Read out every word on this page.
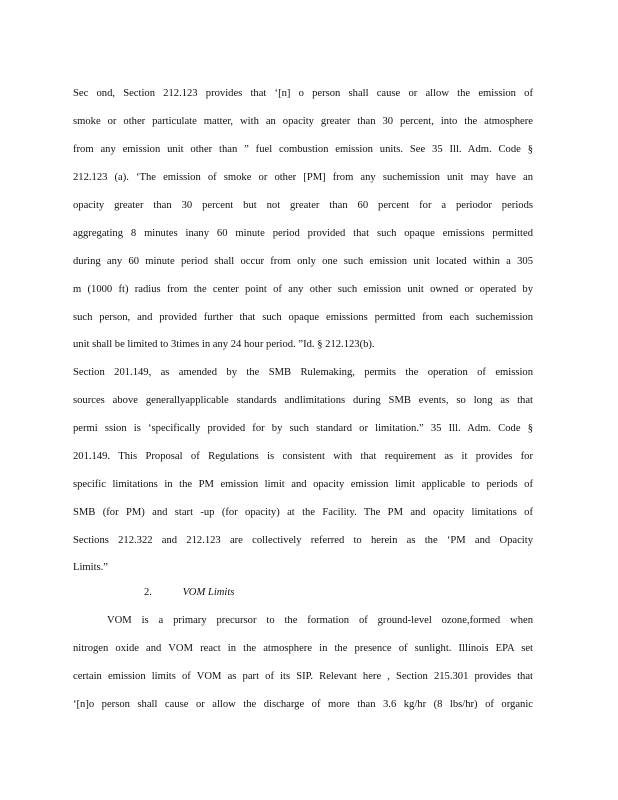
Sec ond, Section 212.123 provides that ‘[n] o person shall cause or allow the emission of
smoke or other particulate matter, with an opacity greater than 30 percent, into the atmosphere
from any emission unit other than ” fuel combustion emission units. See 35 Ill. Adm. Code §
212.123 (a). ‘The emission of smoke or other [PM] from any suchemission unit may have an
opacity greater than 30 percent but not greater than 60 percent for a periodor periods
aggregating 8 minutes inany 60 minute period provided that such opaque emissions permitted
during any 60 minute period shall occur from only one such emission unit located within a 305
m (1000 ft) radius from the center point of any other such emission unit owned or operated by
such person, and provided further that such opaque emissions permitted from each suchemission
unit shall be limited to 3times in any 24 hour period. ”Id. § 212.123(b).
Section 201.149, as amended by the SMB Rulemaking, permits the operation of emission
sources above generallyapplicable standards andlimitations during SMB events, so long as that
permi ssion is ‘specifically provided for by such standard or limitation.” 35 Ill. Adm. Code §
201.149. This Proposal of Regulations is consistent with that requirement as it provides for
specific limitations in the PM emission limit and opacity emission limit applicable to periods of
SMB (for PM) and start -up (for opacity) at the Facility. The PM and opacity limitations of
Sections 212.322 and 212.123 are collectively referred to herein as the ‘PM and Opacity
Limits.”
2.	VOM Limits
VOM is a primary precursor to the formation of ground-level ozone,formed when
nitrogen oxide and VOM react in the atmosphere in the presence of sunlight. Illinois EPA set
certain emission limits of VOM as part of its SIP. Relevant here , Section 215.301 provides that
‘[n]o person shall cause or allow the discharge of more than 3.6 kg/hr (8 lbs/hr) of organic
